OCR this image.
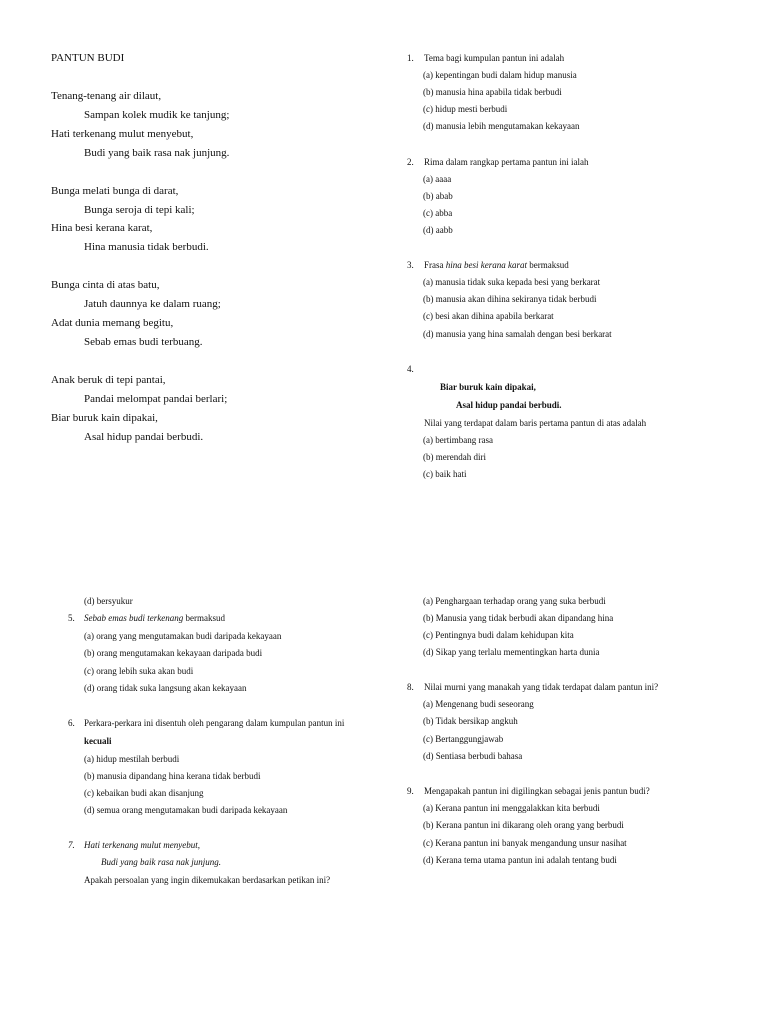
PANTUN BUDI
Tenang-tenang air dilaut,
Sampan kolek mudik ke tanjung;
Hati terkenang mulut menyebut,
Budi yang baik rasa nak junjung.
Bunga melati bunga di darat,
Bunga seroja di tepi kali;
Hina besi kerana karat,
Hina manusia tidak berbudi.
Bunga cinta di atas batu,
Jatuh daunnya ke dalam ruang;
Adat dunia memang begitu,
Sebab emas budi terbuang.
Anak beruk di tepi pantai,
Pandai melompat pandai berlari;
Biar buruk kain dipakai,
Asal hidup pandai berbudi.
1. Tema bagi kumpulan pantun ini adalah
(a) kepentingan budi dalam hidup manusia
(b) manusia hina apabila tidak berbudi
(c) hidup mesti berbudi
(d) manusia lebih mengutamakan kekayaan
2. Rima dalam rangkap pertama pantun ini ialah
(a) aaaa
(b) abab
(c) abba
(d) aabb
3. Frasa hina besi kerana karat bermaksud
(a) manusia tidak suka kepada besi yang berkarat
(b) manusia akan dihina sekiranya tidak berbudi
(c) besi akan dihina apabila berkarat
(d) manusia yang hina samalah dengan besi berkarat
4.
Biar buruk kain dipakai,
Asal hidup pandai berbudi.
Nilai yang terdapat dalam baris pertama pantun di atas adalah
(a) bertimbang rasa
(b) merendah diri
(c) baik hati
(d) bersyukur
5. Sebab emas budi terkenang bermaksud
(a) orang yang mengutamakan budi daripada kekayaan
(b) orang mengutamakan kekayaan daripada budi
(c) orang lebih suka akan budi
(d) orang tidak suka langsung akan kekayaan
6. Perkara-perkara ini disentuh oleh pengarang dalam kumpulan pantun ini
kecuali
(a) hidup mestilah berbudi
(b) manusia dipandang hina kerana tidak berbudi
(c) kebaikan budi akan disanjung
(d) semua orang mengutamakan budi daripada kekayaan
7. Hati terkenang mulut menyebut,
Budi yang baik rasa nak junjung.
Apakah persoalan yang ingin dikemukakan berdasarkan petikan ini?
(a) Penghargaan terhadap orang yang suka berbudi
(b) Manusia yang tidak berbudi akan dipandang hina
(c) Pentingnya budi dalam kehidupan kita
(d) Sikap yang terlalu mementingkan harta dunia
8. Nilai murni yang manakah yang tidak terdapat dalam pantun ini?
(a) Mengenang budi seseorang
(b) Tidak bersikap angkuh
(c) Bertanggungjawab
(d) Sentiasa berbudi bahasa
9. Mengapakah pantun ini digilingkan sebagai jenis pantun budi?
(a) Kerana pantun ini menggalakkan kita berbudi
(b) Kerana pantun ini dikarang oleh orang yang berbudi
(c) Kerana pantun ini banyak mengandung unsur nasihat
(d) Kerana tema utama pantun ini adalah tentang budi
